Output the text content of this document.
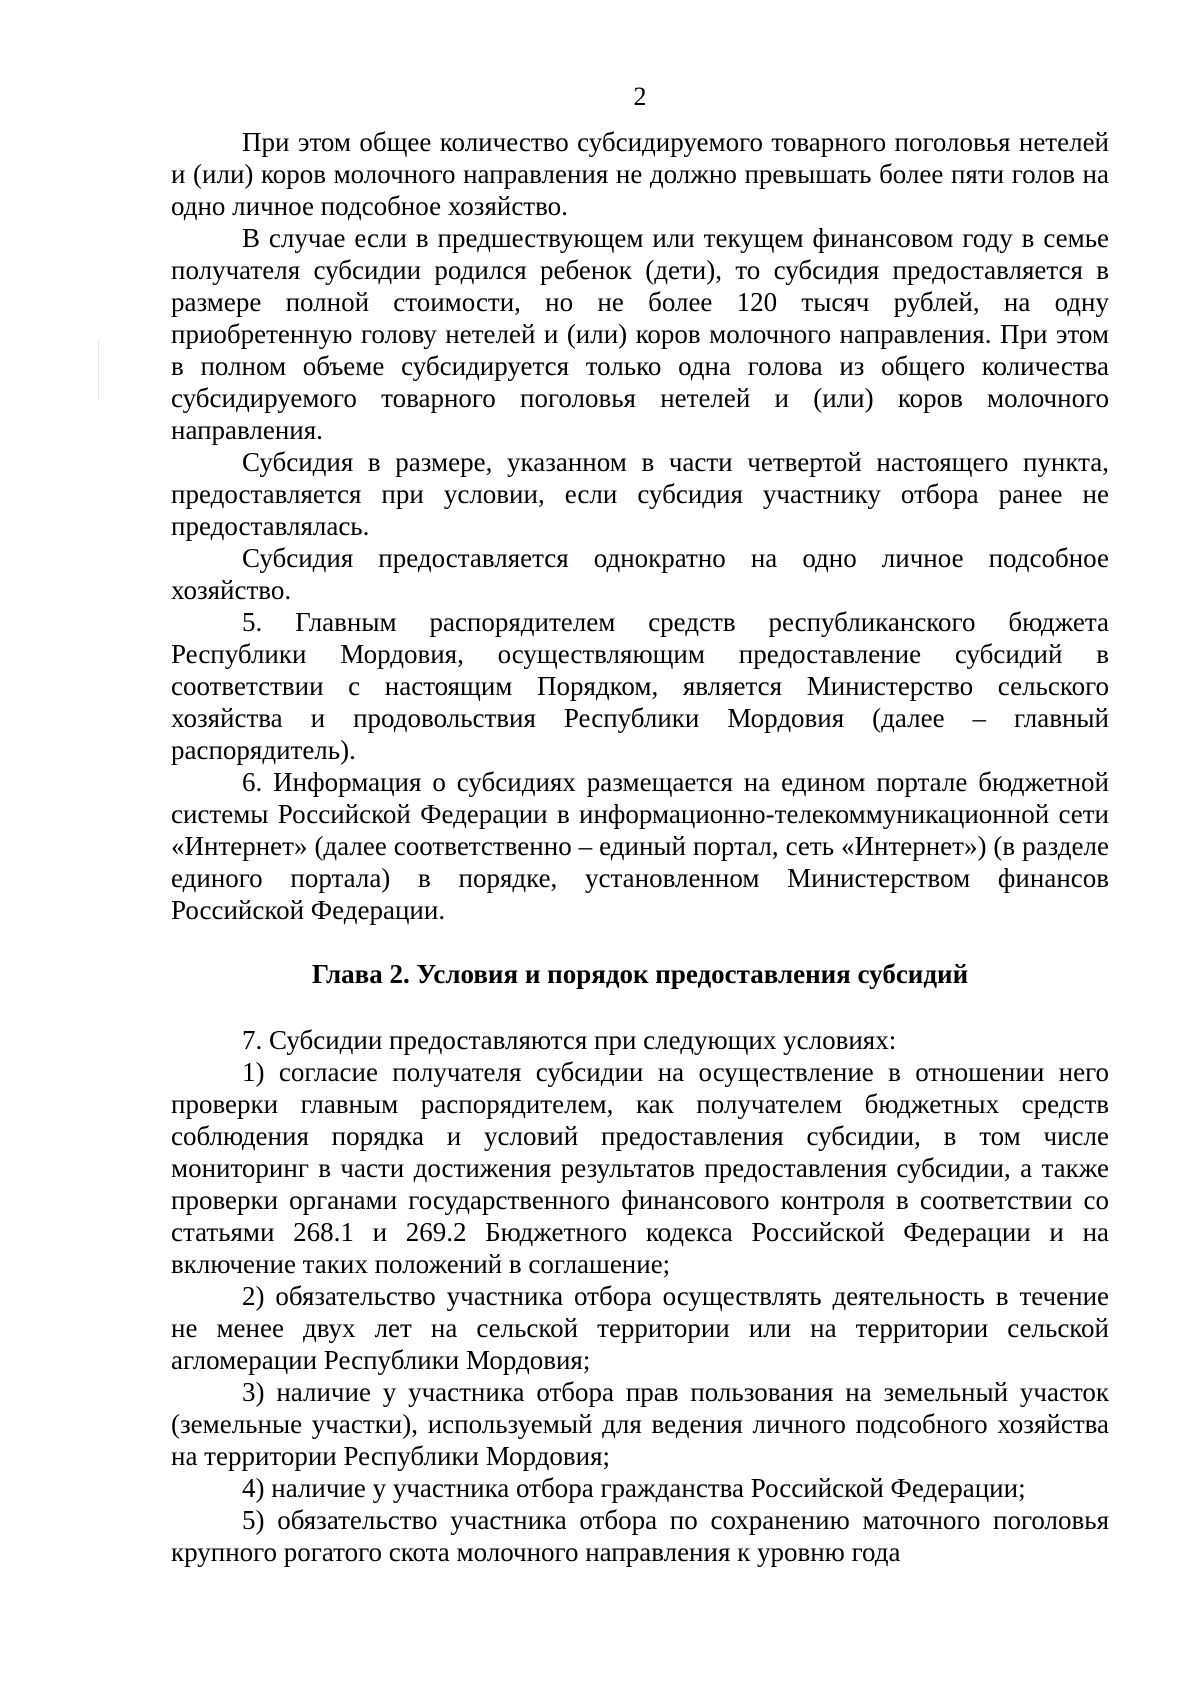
2

При этом общее количество субсидируемого товарного поголовья нетелей и (или) коров молочного направления не должно превышать более пяти голов на одно личное подсобное хозяйство.

В случае если в предшествующем или текущем финансовом году в семье получателя субсидии родился ребенок (дети), то субсидия предоставляется в размере полной стоимости, но не более 120 тысяч рублей, на одну приобретенную голову нетелей и (или) коров молочного направления. При этом в полном объеме субсидируется только одна голова из общего количества субсидируемого товарного поголовья нетелей и (или) коров молочного направления.

Субсидия в размере, указанном в части четвертой настоящего пункта, предоставляется при условии, если субсидия участнику отбора ранее не предоставлялась.

Субсидия предоставляется однократно на одно личное подсобное хозяйство.

5. Главным распорядителем средств республиканского бюджета Республики Мордовия, осуществляющим предоставление субсидий в соответствии с настоящим Порядком, является Министерство сельского хозяйства и продовольствия Республики Мордовия (далее – главный распорядитель).

6. Информация о субсидиях размещается на едином портале бюджетной системы Российской Федерации в информационно-телекоммуникационной сети «Интернет» (далее соответственно – единый портал, сеть «Интернет») (в разделе единого портала) в порядке, установленном Министерством финансов Российской Федерации.

Глава 2. Условия и порядок предоставления субсидий

7. Субсидии предоставляются при следующих условиях:

1) согласие получателя субсидии на осуществление в отношении него проверки главным распорядителем, как получателем бюджетных средств соблюдения порядка и условий предоставления субсидии, в том числе мониторинг в части достижения результатов предоставления субсидии, а также проверки органами государственного финансового контроля в соответствии со статьями 268.1 и 269.2 Бюджетного кодекса Российской Федерации и на включение таких положений в соглашение;

2) обязательство участника отбора осуществлять деятельность в течение не менее двух лет на сельской территории или на территории сельской агломерации Республики Мордовия;

3) наличие у участника отбора прав пользования на земельный участок (земельные участки), используемый для ведения личного подсобного хозяйства на территории Республики Мордовия;

4) наличие у участника отбора гражданства Российской Федерации;

5) обязательство участника отбора по сохранению маточного поголовья крупного рогатого скота молочного направления к уровню года
